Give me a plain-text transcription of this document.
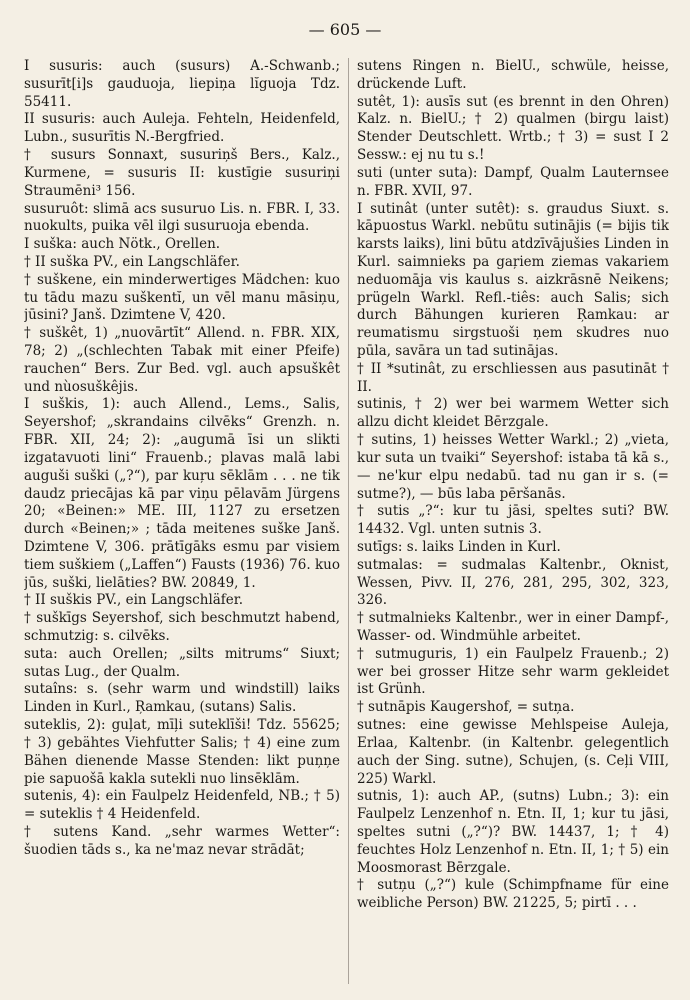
— 605 —

I susuris: auch (susurs) A.-Schwanb.; susurīt[i]s gauduoja, liepiņa lĭguoja Tdz. 55411.

II susuris: auch Auleja. Fehteln, Heidenfeld, Lubn., susurītis N.-Bergfried.

† susurs Sonnaxt, susuriņš Bers., Kalz., Kurmene, = susuris II: kustīgie susuriņi Straumēni³ 156.

susuruôt: slimā acs susuruo Lis. n. FBR. I, 33. nuokults, puika vēl ilgi susuruoja ebenda.

I suška: auch Nötk., Orellen.

† II suška PV., ein Langschläfer.

† suškene, ein minderwertiges Mädchen: kuo tu tādu mazu suškentĭ, un vēl manu māsiņu, jūsini? Janš. Dzimtene V, 420.

† suškêt, 1) „nuovārtīt“ Allend. n. FBR. XIX, 78; 2) „(schlechten Tabak mit einer Pfeife) rauchen“ Bers. Zur Bed. vgl. auch apsuškêt und nùosuškêjis.

I suškis, 1): auch Allend., Lems., Salis, Seyershof; „skrandains cilvēks“ Grenzh. n. FBR. XII, 24; 2): „augumā īsi un slikti izgatavuoti lini“ Frauenb.; plavas malā labi auguši suški („?“), par kuŗu sēklām . . . ne tik daudz priecājas kā par viņu pēlavām Jürgens 20; «Beinen:» ME. III, 1127 zu ersetzen durch «Beinen;» ; tāda meitenes suške Janš. Dzimtene V, 306. prātīgāks esmu par visiem tiem suškiem („Laffen“) Fausts (1936) 76. kuo jūs, suški, lielāties? BW. 20849, 1.

† II suškis PV., ein Langschläfer.

† suškīgs Seyershof, sich beschmutzt habend, schmutzig: s. cilvēks.

suta: auch Orellen; „silts mitrums“ Siuxt; sutas Lug., der Qualm.

sutaîns: s. (sehr warm und windstill) laiks Linden in Kurl., Ŗamkau, (sutans) Salis.

suteklis, 2): guļat, mīļi suteklīši! Tdz. 55625; † 3) gebähtes Viehfutter Salis; † 4) eine zum Bähen dienende Masse Stenden: likt puņņe pie sapuošā kakla sutekli nuo linsēklām.

sutenis, 4): ein Faulpelz Heidenfeld, NB.; † 5) = suteklis † 4 Heidenfeld.

† sutens Kand. „sehr warmes Wetter“: šuodien tāds s., ka ne'maz nevar strādāt;

sutens Ringen n. BielU., schwüle, heisse, drückende Luft.

sutêt, 1): ausīs sut (es brennt in den Ohren) Kalz. n. BielU.; † 2) qualmen (birgu laist) Stender Deutschlett. Wrtb.; † 3) = sust I 2 Sessw.: ej nu tu s.!

suti (unter suta): Dampf, Qualm Lauternsee n. FBR. XVII, 97.

I sutinât (unter sutêt): s. graudus Siuxt. s. kāpuostus Warkl. nebūtu sutinājis (= bijis tik karsts laiks), lini būtu atdzīvājušies Linden in Kurl. saimnieks pa gaŗiem ziemas vakariem neduomāja vis kaulus s. aizkrāsnē Neikens; prügeln Warkl. Refl.-tiês: auch Salis; sich durch Bähungen kurieren Ŗamkau: ar reumatismu sirgstuoši ņem skudres nuo pūla, savāra un tad sutinājas.

† II *sutinât, zu erschliessen aus pasutināt † II.

sutinis, † 2) wer bei warmem Wetter sich allzu dicht kleidet Bērzgale.

† sutins, 1) heisses Wetter Warkl.; 2) „vieta, kur suta un tvaiki“ Seyershof: istaba tā kā s., — ne'kur elpu nedabū. tad nu gan ir s. (= sutme?), — būs laba pēršanās.

† sutis „?“: kur tu jāsi, speltes suti? BW. 14432. Vgl. unten sutnis 3.

sutīgs: s. laiks Linden in Kurl.

sutmalas: = sudmalas Kaltenbr., Oknist, Wessen, Pivv. II, 276, 281, 295, 302, 323, 326.

† sutmalnieks Kaltenbr., wer in einer Dampf-, Wasser- od. Windmühle arbeitet.

† sutmuguris, 1) ein Faulpelz Frauenb.; 2) wer bei grosser Hitze sehr warm gekleidet ist Grünh.

† sutnāpis Kaugershof, = sutņa.

sutnes: eine gewisse Mehlspeise Auleja, Erlaa, Kaltenbr. (in Kaltenbr. gelegentlich auch der Sing. sutne), Schujen, (s. Ceļi VIII, 225) Warkl.

sutnis, 1): auch AP., (sutns) Lubn.; 3): ein Faulpelz Lenzenhof n. Etn. II, 1; kur tu jāsi, speltes sutni („?“)? BW. 14437, 1; † 4) feuchtes Holz Lenzenhof n. Etn. II, 1; † 5) ein Moosmorast Bērzgale.

† sutņu („?“) kule (Schimpfname für eine weibliche Person) BW. 21225, 5; pirtī . . .
